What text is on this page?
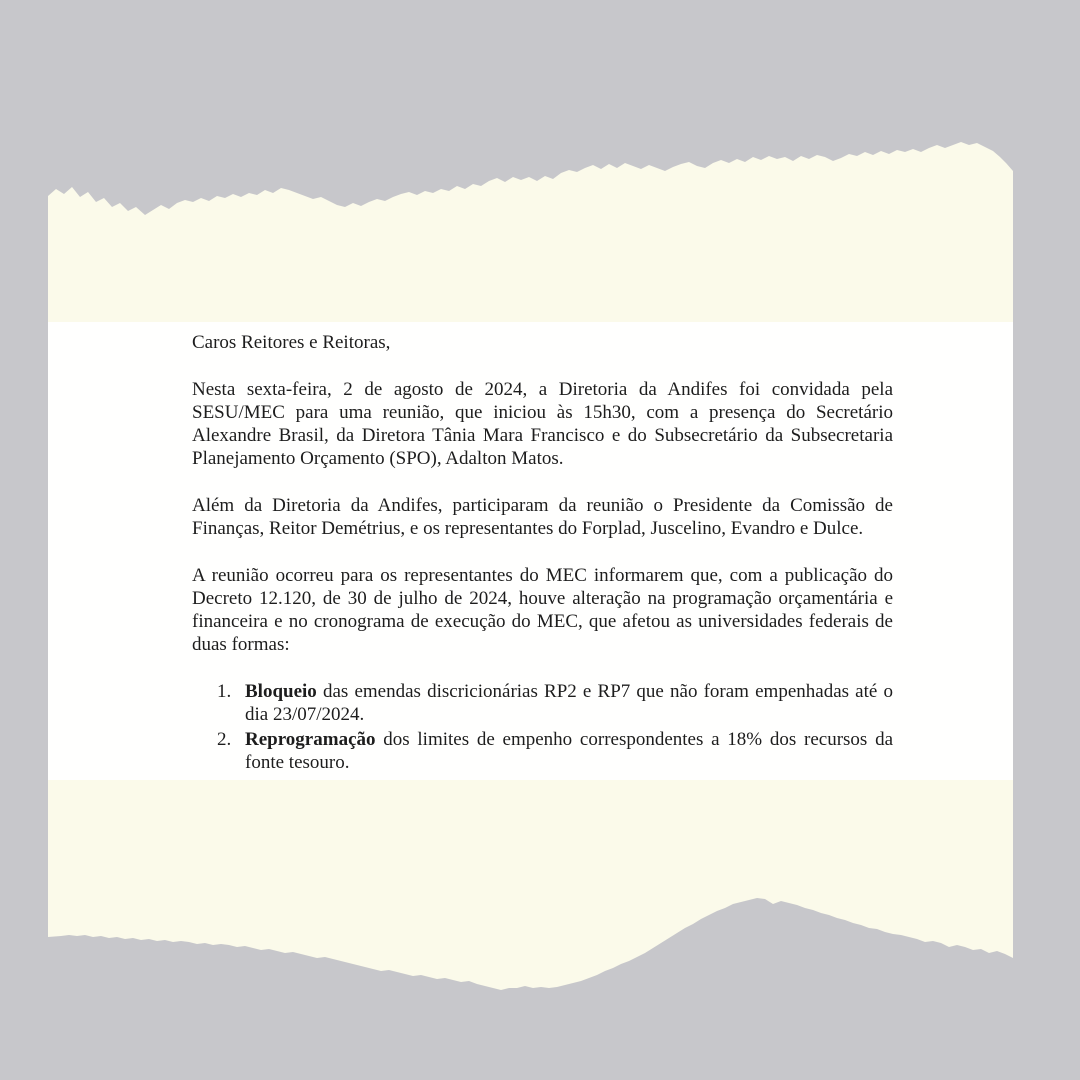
Caros Reitores e Reitoras,

Nesta sexta-feira, 2 de agosto de 2024, a Diretoria da Andifes foi convidada pela SESU/MEC para uma reunião, que iniciou às 15h30, com a presença do Secretário Alexandre Brasil, da Diretora Tânia Mara Francisco e do Subsecretário da Subsecretaria Planejamento Orçamento (SPO), Adalton Matos.

Além da Diretoria da Andifes, participaram da reunião o Presidente da Comissão de Finanças, Reitor Demétrius, e os representantes do Forplad, Juscelino, Evandro e Dulce.

A reunião ocorreu para os representantes do MEC informarem que, com a publicação do Decreto 12.120, de 30 de julho de 2024, houve alteração na programação orçamentária e financeira e no cronograma de execução do MEC, que afetou as universidades federais de duas formas:

1. Bloqueio das emendas discricionárias RP2 e RP7 que não foram empenhadas até o dia 23/07/2024.
2. Reprogramação dos limites de empenho correspondentes a 18% dos recursos da fonte tesouro.
